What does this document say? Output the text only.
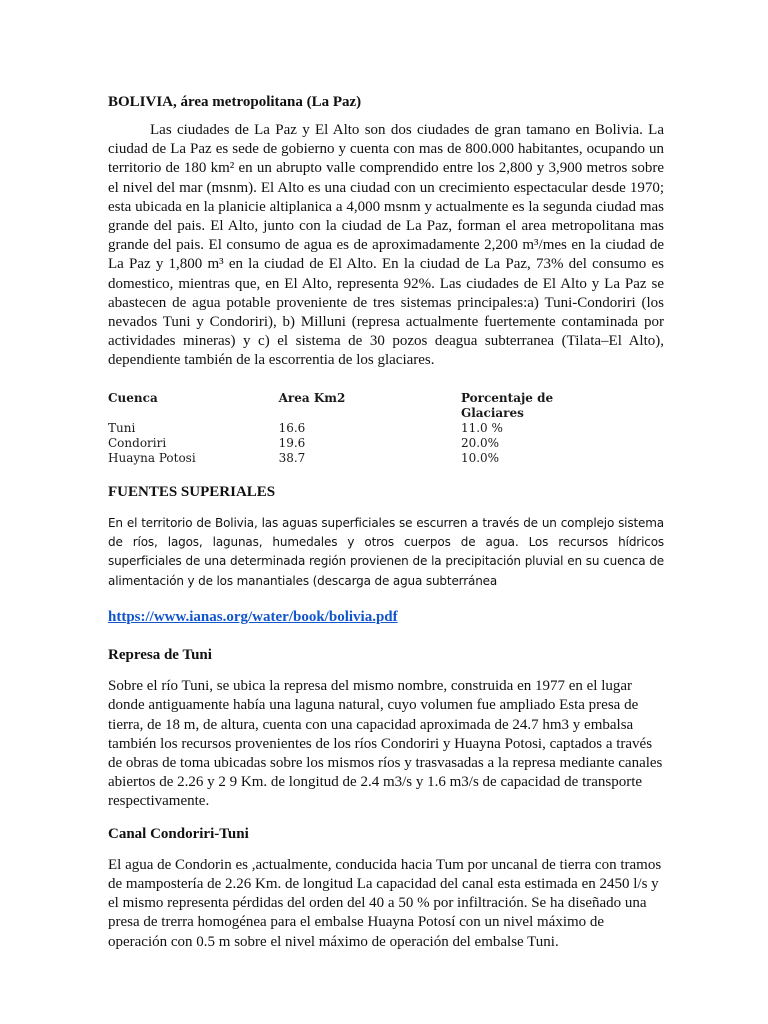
BOLIVIA, área metropolitana (La Paz)

Las ciudades de La Paz y El Alto son dos ciudades de gran tamano en Bolivia. La ciudad de La Paz es sede de gobierno y cuenta con mas de 800.000 habitantes, ocupando un territorio de 180 km² en un abrupto valle comprendido entre los 2,800 y 3,900 metros sobre el nivel del mar (msnm). El Alto es una ciudad con un crecimiento espectacular desde 1970; esta ubicada en la planicie altiplanica a 4,000 msnm y actualmente es la segunda ciudad mas grande del pais. El Alto, junto con la ciudad de La Paz, forman el area metropolitana mas grande del pais. El consumo de agua es de aproximadamente 2,200 m³/mes en la ciudad de La Paz y 1,800 m³ en la ciudad de El Alto. En la ciudad de La Paz, 73% del consumo es domestico, mientras que, en El Alto, representa 92%. Las ciudades de El Alto y La Paz se abastecen de agua potable proveniente de tres sistemas principales:a) Tuni-Condoriri (los nevados Tuni y Condoriri), b) Milluni (represa actualmente fuertemente contaminada por actividades mineras) y c) el sistema de 30 pozos deagua subterranea (Tilata–El Alto), dependiente también de la escorrentia de los glaciares.

Cuenca	Area Km2	Porcentaje de Glaciares
Tuni	16.6	11.0 %
Condoriri	19.6	20.0%
Huayna Potosi	38.7	10.0%
FUENTES SUPERIALES

En el territorio de Bolivia, las aguas superficiales se escurren a través de un complejo sistema de ríos, lagos, lagunas, humedales y otros cuerpos de agua. Los recursos hídricos superficiales de una determinada región provienen de la precipitación pluvial en su cuenca de alimentación y de los manantiales (descarga de agua subterránea

https://www.ianas.org/water/book/bolivia.pdf
Represa de Tuni

Sobre el río Tuni, se ubica la represa del mismo nombre, construida en 1977 en el lugar donde antiguamente había una laguna natural, cuyo volumen fue ampliado Esta presa de tierra, de 18 m, de altura, cuenta con una capacidad aproximada de 24.7 hm3 y embalsa también los recursos provenientes de los ríos Condoriri y Huayna Potosi, captados a través de obras de toma ubicadas sobre los mismos ríos y trasvasadas a la represa mediante canales abiertos de 2.26 y 2 9 Km. de longitud de 2.4 m3/s y 1.6 m3/s de capacidad de transporte respectivamente.

Canal Condoriri-Tuni

El agua de Condorin es ,actualmente, conducida hacia Tum por uncanal de tierra con tramos de mampostería de 2.26 Km. de longitud La capacidad del canal esta estimada en 2450 l/s y el mismo representa pérdidas del orden del 40 a 50 % por infiltración. Se ha diseñado una presa de trerra homogénea para el embalse Huayna Potosí con un nivel máximo de operación con 0.5 m sobre el nivel máximo de operación del embalse Tuni.
